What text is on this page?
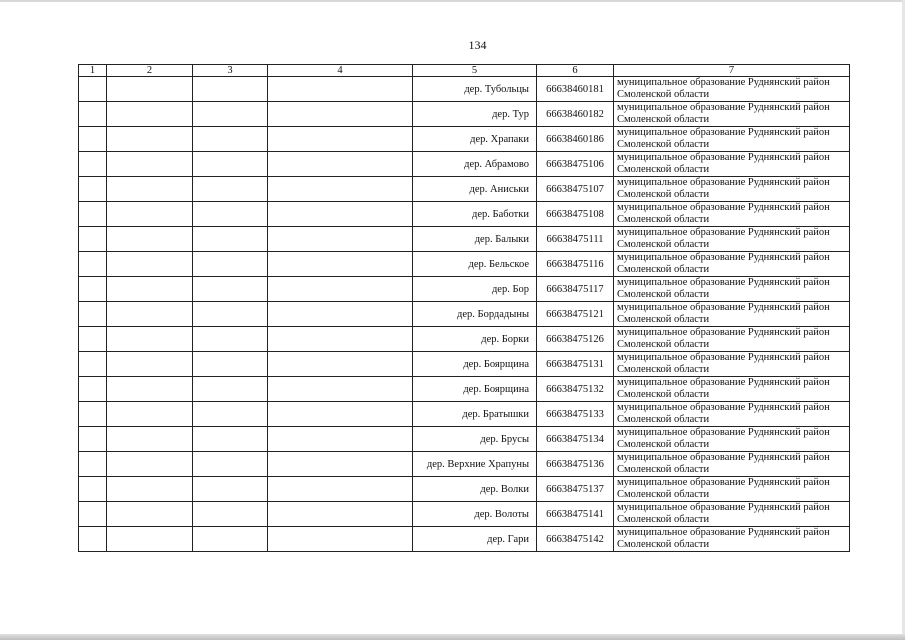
134
1	2	3	4	5	6	7
				дер. Тубольцы	66638460181	муниципальное образование Руднянский район
Смоленской области

				дер. Тур	66638460182	муниципальное образование Руднянский район
Смоленской области

				дер. Храпаки	66638460186	муниципальное образование Руднянский район
Смоленской области

				дер. Абрамово	66638475106	муниципальное образование Руднянский район
Смоленской области

				дер. Аниськи	66638475107	муниципальное образование Руднянский район
Смоленской области

				дер. Баботки	66638475108	муниципальное образование Руднянский район
Смоленской области

				дер. Балыки	66638475111	муниципальное образование Руднянский район
Смоленской области

				дер. Бельское	66638475116	муниципальное образование Руднянский район
Смоленской области

				дер. Бор	66638475117	муниципальное образование Руднянский район
Смоленской области

				дер. Бордадыны	66638475121	муниципальное образование Руднянский район
Смоленской области

				дер. Борки	66638475126	муниципальное образование Руднянский район
Смоленской области

				дер. Боярщина	66638475131	муниципальное образование Руднянский район
Смоленской области

				дер. Боярщина	66638475132	муниципальное образование Руднянский район
Смоленской области

				дер. Братышки	66638475133	муниципальное образование Руднянский район
Смоленской области

				дер. Брусы	66638475134	муниципальное образование Руднянский район
Смоленской области

				дер. Верхние Храпуны	66638475136	муниципальное образование Руднянский район
Смоленской области

				дер. Волки	66638475137	муниципальное образование Руднянский район
Смоленской области

				дер. Волоты	66638475141	муниципальное образование Руднянский район
Смоленской области

				дер. Гари	66638475142	муниципальное образование Руднянский район
Смоленской области
